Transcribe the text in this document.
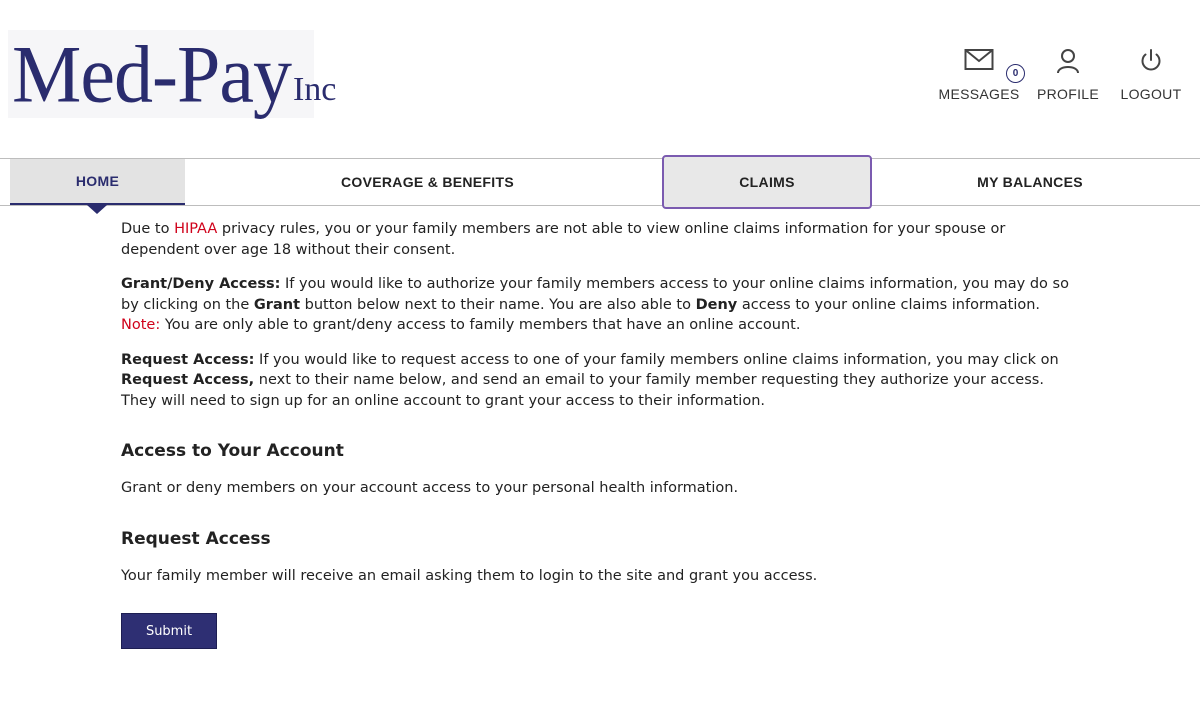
Med-PayInc	0
MESSAGES PROFILE LOGOUT
HOME	COVERAGE & BENEFITS	CLAIMS	MY BALANCES

Due to HIPAA privacy rules, you or your family members are not able to view online claims information for your spouse or dependent over age 18 without their consent.

Grant/Deny Access: If you would like to authorize your family members access to your online claims information, you may do so by clicking on the Grant button below next to their name. You are also able to Deny access to your online claims information. Note: You are only able to grant/deny access to family members that have an online account.

Request Access: If you would like to request access to one of your family members online claims information, you may click on Request Access, next to their name below, and send an email to your family member requesting they authorize your access. They will need to sign up for an online account to grant your access to their information.

Access to Your Account

Grant or deny members on your account access to your personal health information.

Request Access

Your family member will receive an email asking them to login to the site and grant you access.

Submit
